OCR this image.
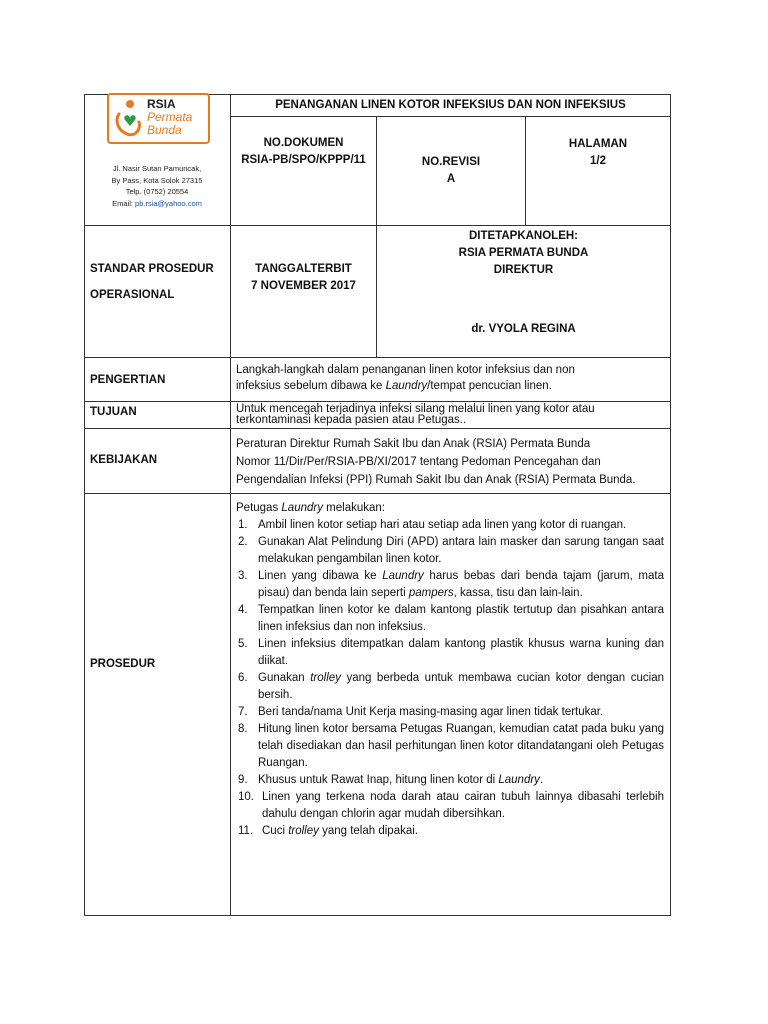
RSIA
Permata
Bunda
Jl. Nasir Sutan Pamuncak,
By Pass, Kota Solok 27315
Telp. (0752) 20554
Email: pb.rsia@yahoo.com
PENANGANAN LINEN KOTOR INFEKSIUS DAN NON INFEKSIUS
NO.DOKUMEN
RSIA-PB/SPO/KPPP/11	NO.REVISI
A
HALAMAN
1/2
STANDAR PROSEDUR
OPERASIONAL
TANGGALTERBIT
7 NOVEMBER 2017
DITETAPKANOLEH:
RSIA PERMATA BUNDA
DIREKTUR
dr. VYOLA REGINA
PENGERTIAN
Langkah-langkah dalam penanganan linen kotor infeksius dan non
infeksius sebelum dibawa ke Laundry/tempat pencucian linen.
TUJUAN	Untuk mencegah terjadinya infeksi silang melalui linen yang kotor atau
terkontaminasi kepada pasien atau Petugas..
KEBIJAKAN
Peraturan Direktur Rumah Sakit Ibu dan Anak (RSIA) Permata Bunda
Nomor 11/Dir/Per/RSIA-PB/XI/2017 tentang Pedoman Pencegahan dan
Pengendalian Infeksi (PPI) Rumah Sakit Ibu dan Anak (RSIA) Permata Bunda.
PROSEDUR
Petugas Laundry melakukan:
1. Ambil linen kotor setiap hari atau setiap ada linen yang kotor di ruangan.
2. Gunakan Alat Pelindung Diri (APD) antara lain masker dan sarung tangan saat melakukan pengambilan linen kotor.
3. Linen yang dibawa ke Laundry harus bebas dari benda tajam (jarum, mata pisau) dan benda lain seperti pampers, kassa, tisu dan lain-lain.
4. Tempatkan linen kotor ke dalam kantong plastik tertutup dan pisahkan antara linen infeksius dan non infeksius.
5. Linen infeksius ditempatkan dalam kantong plastik khusus warna kuning dan diikat.
6. Gunakan trolley yang berbeda untuk membawa cucian kotor dengan cucian bersih.
7. Beri tanda/nama Unit Kerja masing-masing agar linen tidak tertukar.
8. Hitung linen kotor bersama Petugas Ruangan, kemudian catat pada buku yang telah disediakan dan hasil perhitungan linen kotor ditandatangani oleh Petugas Ruangan.
9. Khusus untuk Rawat Inap, hitung linen kotor di Laundry.
10. Linen yang terkena noda darah atau cairan tubuh lainnya dibasahi terlebih dahulu dengan chlorin agar mudah dibersihkan.
11. Cuci trolley yang telah dipakai.
